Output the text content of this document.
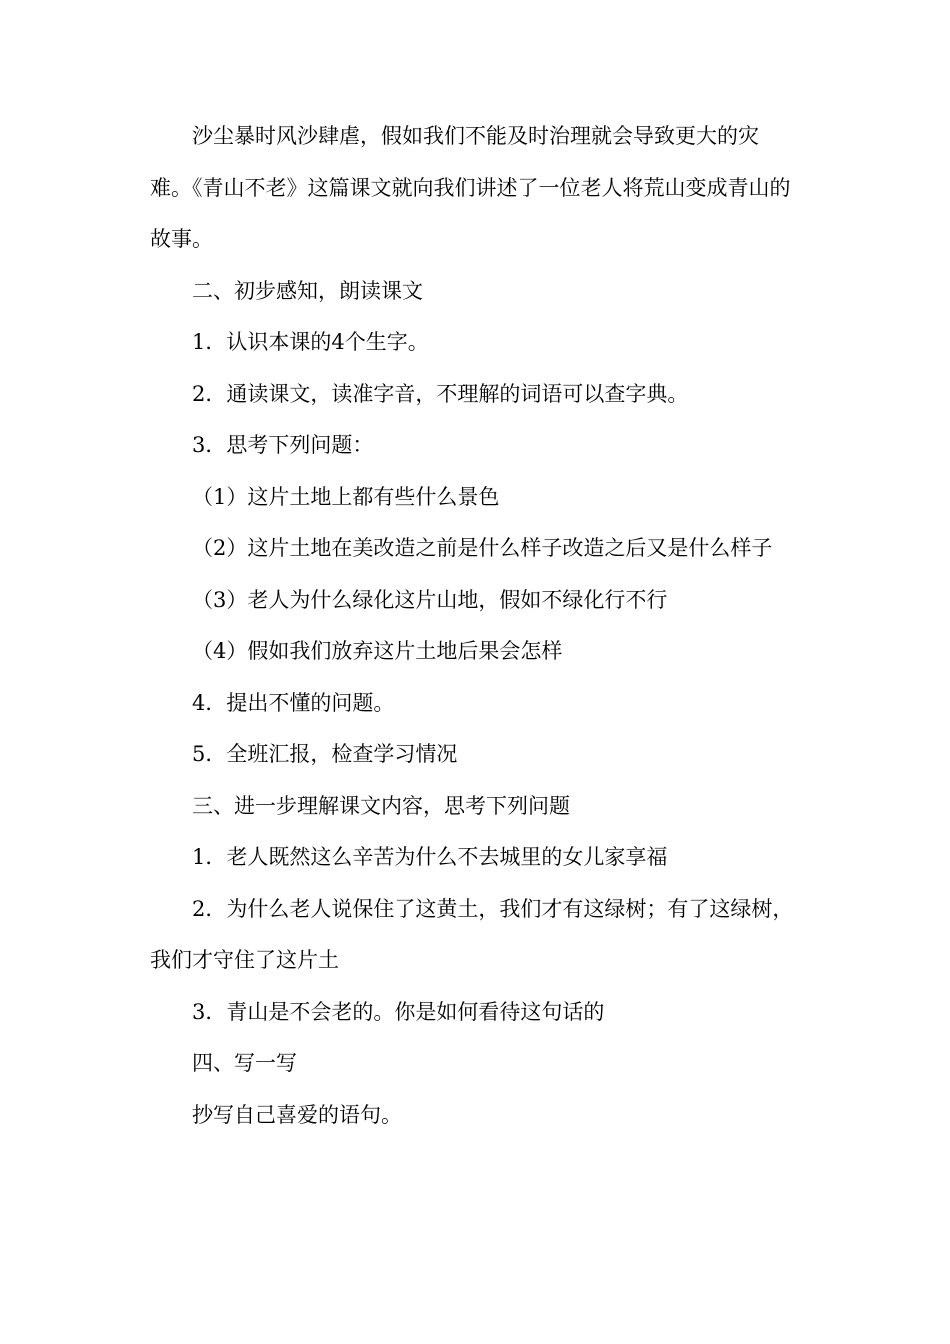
沙尘暴时风沙肆虐，假如我们不能及时治理就会导致更大的灾难。《青山不老》这篇课文就向我们讲述了一位老人将荒山变成青山的故事。

二、初步感知，朗读课文

1．认识本课的4个生字。

2．通读课文，读准字音，不理解的词语可以查字典。

3．思考下列问题：

（1）这片土地上都有些什么景色

（2）这片土地在美改造之前是什么样子改造之后又是什么样子

（3）老人为什么绿化这片山地，假如不绿化行不行

（4）假如我们放弃这片土地后果会怎样

4．提出不懂的问题。

5．全班汇报，检查学习情况

三、进一步理解课文内容，思考下列问题

1．老人既然这么辛苦为什么不去城里的女儿家享福

2．为什么老人说保住了这黄土，我们才有这绿树；有了这绿树，我们才守住了这片土

3．青山是不会老的。你是如何看待这句话的

四、写一写

抄写自己喜爱的语句。
